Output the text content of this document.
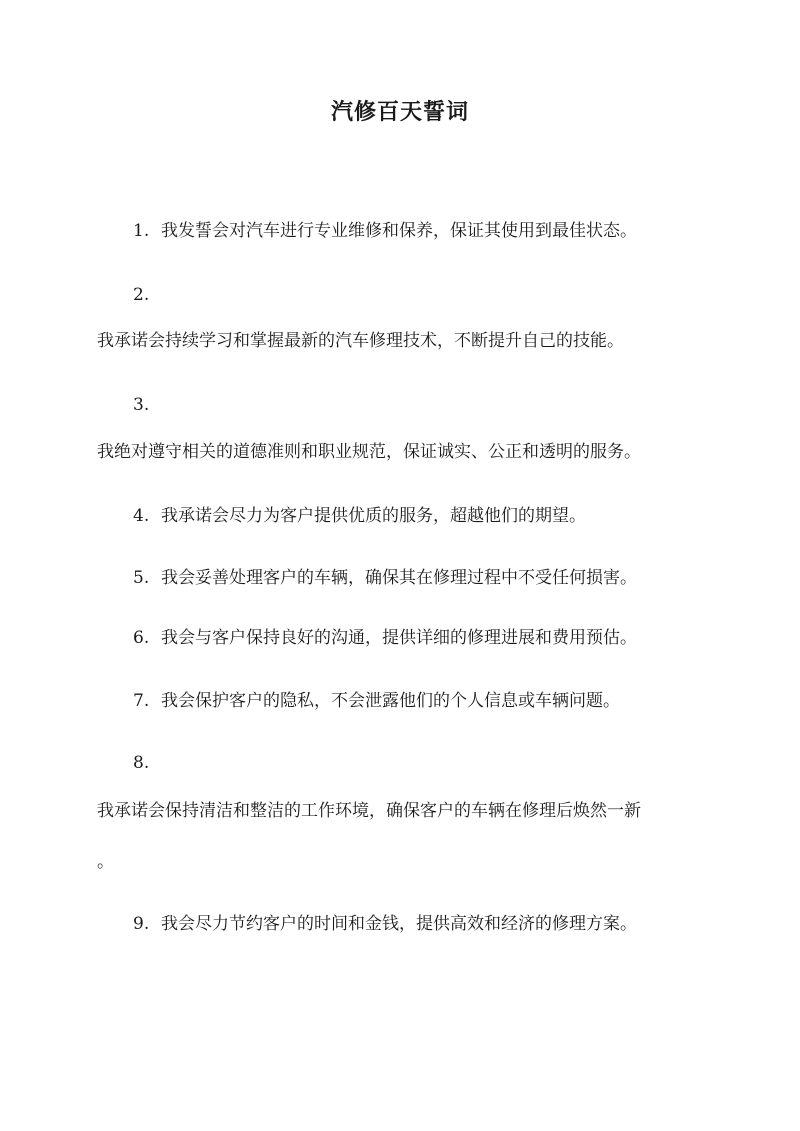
汽修百天誓词
1. 我发誓会对汽车进行专业维修和保养，保证其使用到最佳状态。
2.
我承诺会持续学习和掌握最新的汽车修理技术，不断提升自己的技能。
3.
我绝对遵守相关的道德准则和职业规范，保证诚实、公正和透明的服务。
4. 我承诺会尽力为客户提供优质的服务，超越他们的期望。
5. 我会妥善处理客户的车辆，确保其在修理过程中不受任何损害。
6. 我会与客户保持良好的沟通，提供详细的修理进展和费用预估。
7. 我会保护客户的隐私，不会泄露他们的个人信息或车辆问题。
8.
我承诺会保持清洁和整洁的工作环境，确保客户的车辆在修理后焕然一新
。
9. 我会尽力节约客户的时间和金钱，提供高效和经济的修理方案。
